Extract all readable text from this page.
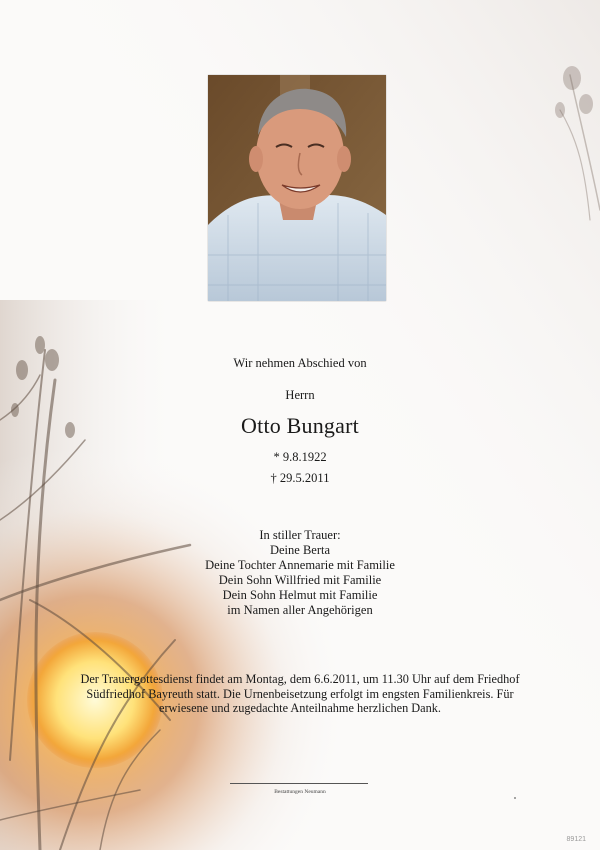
Wir nehmen Abschied von
Herrn
Otto Bungart
* 9.8.1922
† 29.5.2011
In stiller Trauer:
Deine Berta
Deine Tochter Annemarie mit Familie
Dein Sohn Willfried mit Familie
Dein Sohn Helmut mit Familie
im Namen aller Angehörigen
Der Trauergottesdienst findet am Montag, dem 6.6.2011, um 11.30 Uhr auf dem Friedhof
Südfriedhof Bayreuth statt. Die Urnenbeisetzung erfolgt im engsten Familienkreis. Für
erwiesene und zugedachte Anteilnahme herzlichen Dank.
Bestattungen Neumann
89121
